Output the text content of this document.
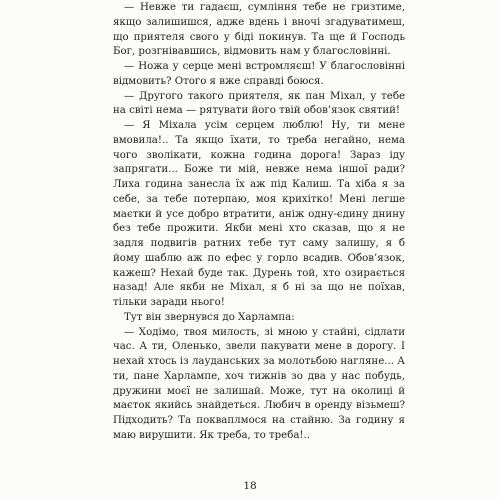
— Невже ти гадаєш, сумління тебе не гризтиме, якщо залишишся, адже вдень і вночі згадуватимеш, що приятеля свого у біді покинув. Та ще й Господь Бог, розгнівавшись, відмовить нам у благословінні.

— Ножа у серце мені встромляєш! У благословінні відмовить? Отого я вже справді боюся.

— Другого такого приятеля, як пан Міхал, у тебе на світі нема — рятувати його твій обов’язок святий!

— Я Міхала усім серцем люблю! Ну, ти мене вмовила!.. Та якщо їхати, то треба негайно, нема чого зволікати, кожна година дорога! Зараз іду запрягати... Боже ти мій, невже нема іншої ради? Лиха година занесла їх аж під Калиш. Та хіба я за себе, за тебе потерпаю, моя крихітко! Мені легше маєтки й усе добро втратити, аніж одну-єдину днину без тебе прожити. Якби мені хто сказав, що я не задля подвигів ратних тебе тут саму залишу, я б йому шаблю аж по ефес у горло всадив. Обов’язок, кажеш? Нехай буде так. Дурень той, хто озирається назад! Але якби не Міхал, я б ні за що не поїхав, тільки заради нього!

Тут він звернувся до Харлампа:

— Ходімо, твоя милость, зі мною у стайні, сідлати час. А ти, Оленько, звели пакувати мене в дорогу. І нехай хтось із лауданських за молотьбою нагляне... А ти, пане Харлампе, хоч тижнів зо два у нас побудь, дружини моєї не залишай. Може, тут на околиці й маєток якийсь знайдеться. Любич в оренду візьмеш? Підходить? Та покваплмося на стайню. За годину я маю вирушити. Як треба, то треба!..

18
